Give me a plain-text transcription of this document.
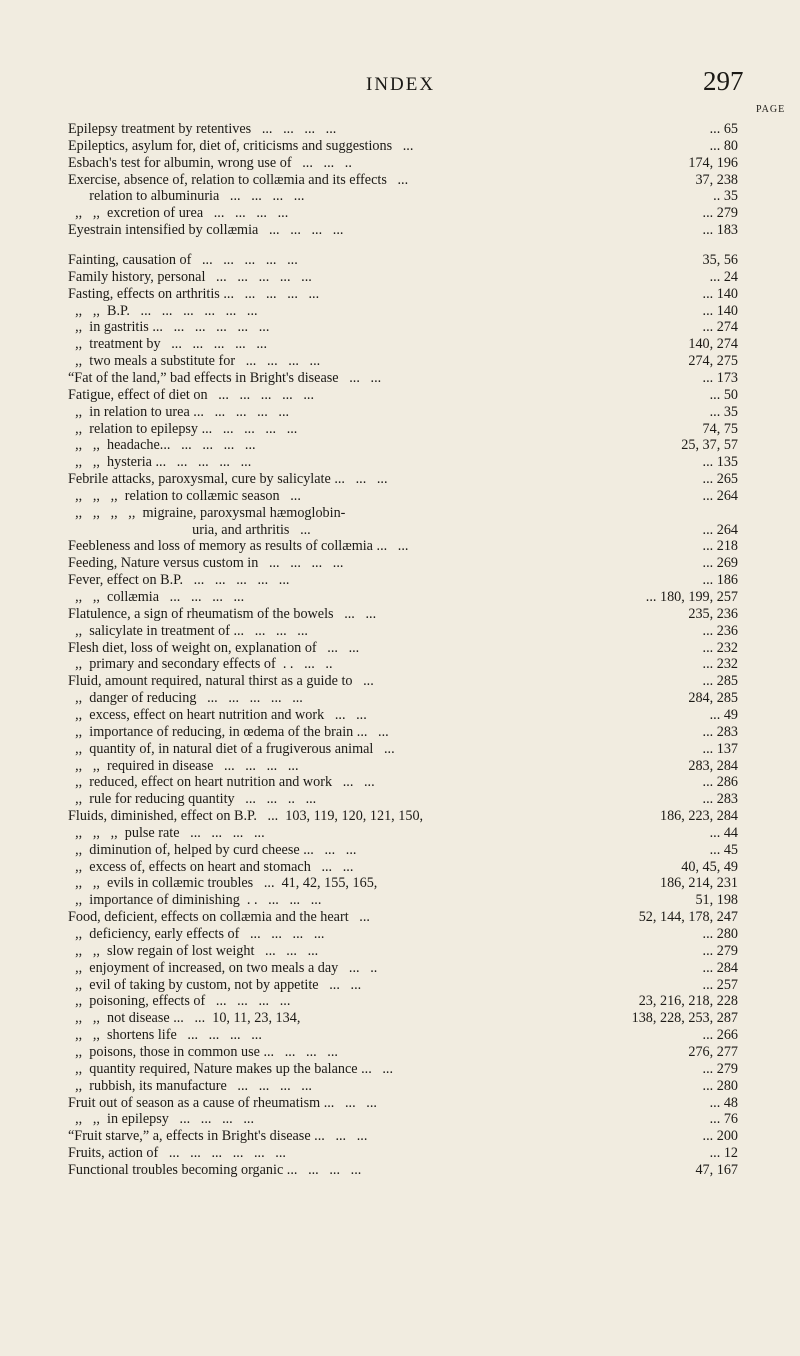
INDEX	297
PAGE
Epilepsy treatment by retentives   ...   ...   ...   ...	... 65
Epileptics, asylum for, diet of, criticisms and suggestions   ...	... 80
Esbach's test for albumin, wrong use of   ...   ...   ..	174, 196
Exercise, absence of, relation to collæmia and its effects   ...	37, 238
relation to albuminuria   ...   ...   ...   ...	.. 35
,,   ,,  excretion of urea   ...   ...   ...   ...	... 279
Eyestrain intensified by collæmia   ...   ...   ...   ...	... 183
Fainting, causation of   ...   ...   ...   ...   ...	35, 56
Family history, personal   ...   ...   ...   ...   ...	... 24
Fasting, effects on arthritis ...   ...   ...   ...   ...	... 140
,,   ,,  B.P.   ...   ...   ...   ...   ...   ...	... 140
,,  in gastritis ...   ...   ...   ...   ...   ...	... 274
,,  treatment by   ...   ...   ...   ...   ...	140, 274
,,  two meals a substitute for   ...   ...   ...   ...	274, 275
“Fat of the land,” bad effects in Bright's disease   ...   ...	... 173
Fatigue, effect of diet on   ...   ...   ...   ...   ...	... 50
,,  in relation to urea ...   ...   ...   ...   ...	... 35
,,  relation to epilepsy ...   ...   ...   ...   ...	74, 75
,,   ,,  headache...   ...   ...   ...   ...	25, 37, 57
,,   ,,  hysteria ...   ...   ...   ...   ...	... 135
Febrile attacks, paroxysmal, cure by salicylate ...   ...   ...	... 265
,,   ,,   ,,  relation to collæmic season   ...	... 264
,,   ,,   ,,   ,,  migraine, paroxysmal hæmoglobin-
uria, and arthritis   ...	... 264
Feebleness and loss of memory as results of collæmia ...   ...	... 218
Feeding, Nature versus custom in   ...   ...   ...   ...	... 269
Fever, effect on B.P.   ...   ...   ...   ...   ...	... 186
,,   ,,  collæmia   ...   ...   ...   ...	... 180, 199, 257
Flatulence, a sign of rheumatism of the bowels   ...   ...	235, 236
,,  salicylate in treatment of ...   ...   ...   ...	... 236
Flesh diet, loss of weight on, explanation of   ...   ...	... 232
,,  primary and secondary effects of  . .   ...   ..	... 232
Fluid, amount required, natural thirst as a guide to   ...	... 285
,,  danger of reducing   ...   ...   ...   ...   ...	284, 285
,,  excess, effect on heart nutrition and work   ...   ...	... 49
,,  importance of reducing, in œdema of the brain ...   ...	... 283
,,  quantity of, in natural diet of a frugiverous animal   ...	... 137
,,   ,,  required in disease   ...   ...   ...   ...	283, 284
,,  reduced, effect on heart nutrition and work   ...   ...	... 286
,,  rule for reducing quantity   ...   ...   ..   ...	... 283
Fluids, diminished, effect on B.P.   ...  103, 119, 120, 121, 150,	186, 223, 284
,,   ,,   ,,  pulse rate   ...   ...   ...   ...	... 44
,,  diminution of, helped by curd cheese ...   ...   ...	... 45
,,  excess of, effects on heart and stomach   ...   ...	40, 45, 49
,,   ,,  evils in collæmic troubles   ...  41, 42, 155, 165,	186, 214, 231
,,  importance of diminishing  . .   ...   ...   ...	51, 198
Food, deficient, effects on collæmia and the heart   ...	52, 144, 178, 247
,,  deficiency, early effects of   ...   ...   ...   ...	... 280
,,   ,,  slow regain of lost weight   ...   ...   ...	... 279
,,  enjoyment of increased, on two meals a day   ...   ..	... 284
,,  evil of taking by custom, not by appetite   ...   ...	... 257
,,  poisoning, effects of   ...   ...   ...   ...	23, 216, 218, 228
,,   ,,  not disease ...   ...  10, 11, 23, 134,	138, 228, 253, 287
,,   ,,  shortens life   ...   ...   ...   ...	... 266
,,  poisons, those in common use ...   ...   ...   ...	276, 277
,,  quantity required, Nature makes up the balance ...   ...	... 279
,,  rubbish, its manufacture   ...   ...   ...   ...	... 280
Fruit out of season as a cause of rheumatism ...   ...   ...	... 48
,,   ,,  in epilepsy   ...   ...   ...   ...	... 76
“Fruit starve,” a, effects in Bright's disease ...   ...   ...	... 200
Fruits, action of   ...   ...   ...   ...   ...   ...	... 12
Functional troubles becoming organic ...   ...   ...   ...	47, 167
